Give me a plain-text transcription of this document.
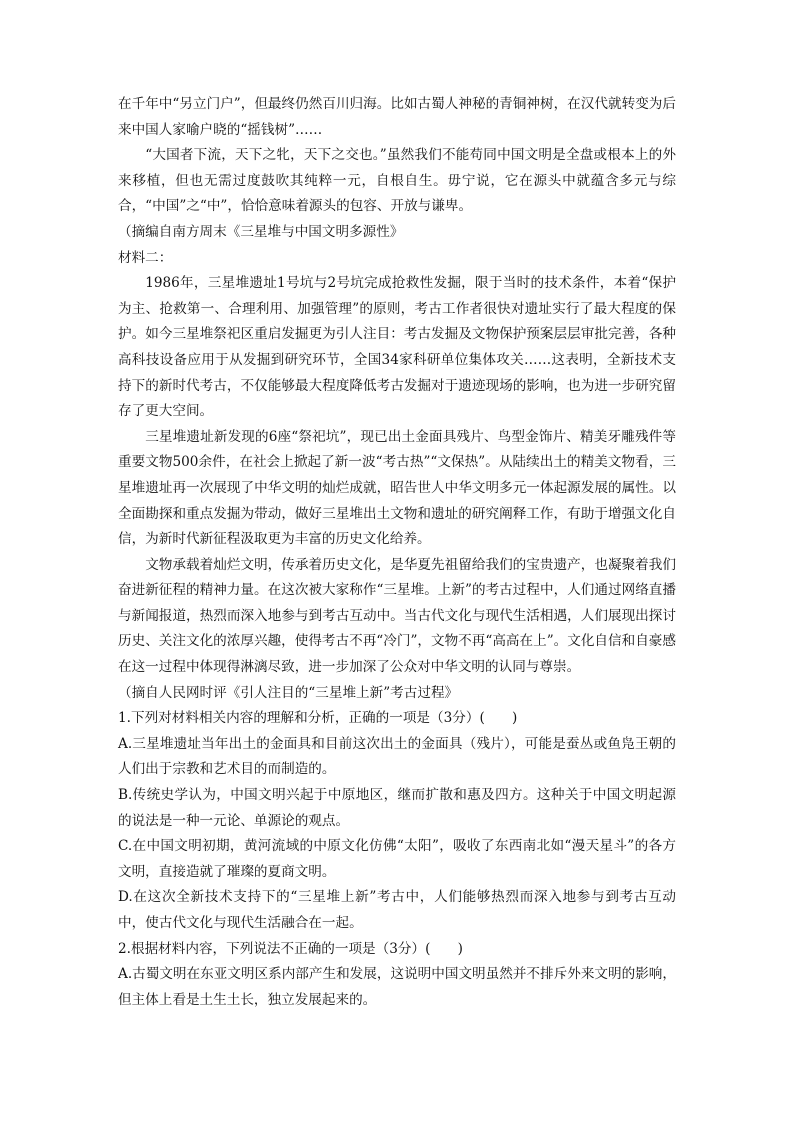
在千年中“另立门户”，但最终仍然百川归海。比如古蜀人神秘的青铜神树，在汉代就转变为后来中国人家喻户晓的“摇钱树”……

“大国者下流，天下之牝，天下之交也。”虽然我们不能苟同中国文明是全盘或根本上的外来移植，但也无需过度鼓吹其纯粹一元，自根自生。毋宁说，它在源头中就蕴含多元与综合，“中国”之“中”，恰恰意味着源头的包容、开放与谦卑。

（摘编自南方周末《三星堆与中国文明多源性》

材料二：

1986年，三星堆遗址1号坑与2号坑完成抢救性发掘，限于当时的技术条件，本着“保护为主、抢救第一、合理利用、加强管理”的原则，考古工作者很快对遗址实行了最大程度的保护。如今三星堆祭祀区重启发掘更为引人注目：考古发掘及文物保护预案层层审批完善，各种高科技设备应用于从发掘到研究环节，全国34家科研单位集体攻关……这表明，全新技术支持下的新时代考古，不仅能够最大程度降低考古发掘对于遗迹现场的影响，也为进一步研究留存了更大空间。

三星堆遗址新发现的6座“祭祀坑”，现已出土金面具残片、鸟型金饰片、精美牙雕残件等重要文物500余件，在社会上掀起了新一波“考古热”“文保热”。从陆续出土的精美文物看，三星堆遗址再一次展现了中华文明的灿烂成就，昭告世人中华文明多元一体起源发展的属性。以全面勘探和重点发掘为带动，做好三星堆出土文物和遗址的研究阐释工作，有助于增强文化自信，为新时代新征程汲取更为丰富的历史文化给养。

文物承载着灿烂文明，传承着历史文化，是华夏先祖留给我们的宝贵遗产，也凝聚着我们奋进新征程的精神力量。在这次被大家称作“三星堆。上新”的考古过程中，人们通过网络直播与新闻报道，热烈而深入地参与到考古互动中。当古代文化与现代生活相遇，人们展现出探讨历史、关注文化的浓厚兴趣，使得考古不再“冷门”，文物不再“高高在上”。文化自信和自豪感在这一过程中体现得淋漓尽致，进一步加深了公众对中华文明的认同与尊崇。

（摘自人民网时评《引人注目的“三星堆上新”考古过程》

1.下列对材料相关内容的理解和分析，正确的一项是（3分）(　　)

A.三星堆遗址当年出土的金面具和目前这次出土的金面具（残片），可能是蚕丛或鱼凫王朝的人们出于宗教和艺术目的而制造的。

B.传统史学认为，中国文明兴起于中原地区，继而扩散和惠及四方。这种关于中国文明起源的说法是一种一元论、单源论的观点。

C.在中国文明初期，黄河流域的中原文化仿佛“太阳”，吸收了东西南北如“漫天星斗”的各方文明，直接造就了璀璨的夏商文明。

D.在这次全新技术支持下的“三星堆上新”考古中，人们能够热烈而深入地参与到考古互动中，使古代文化与现代生活融合在一起。

2.根据材料内容，下列说法不正确的一项是（3分）(　　)

A.古蜀文明在东亚文明区系内部产生和发展，这说明中国文明虽然并不排斥外来文明的影响，但主体上看是土生土长，独立发展起来的。
